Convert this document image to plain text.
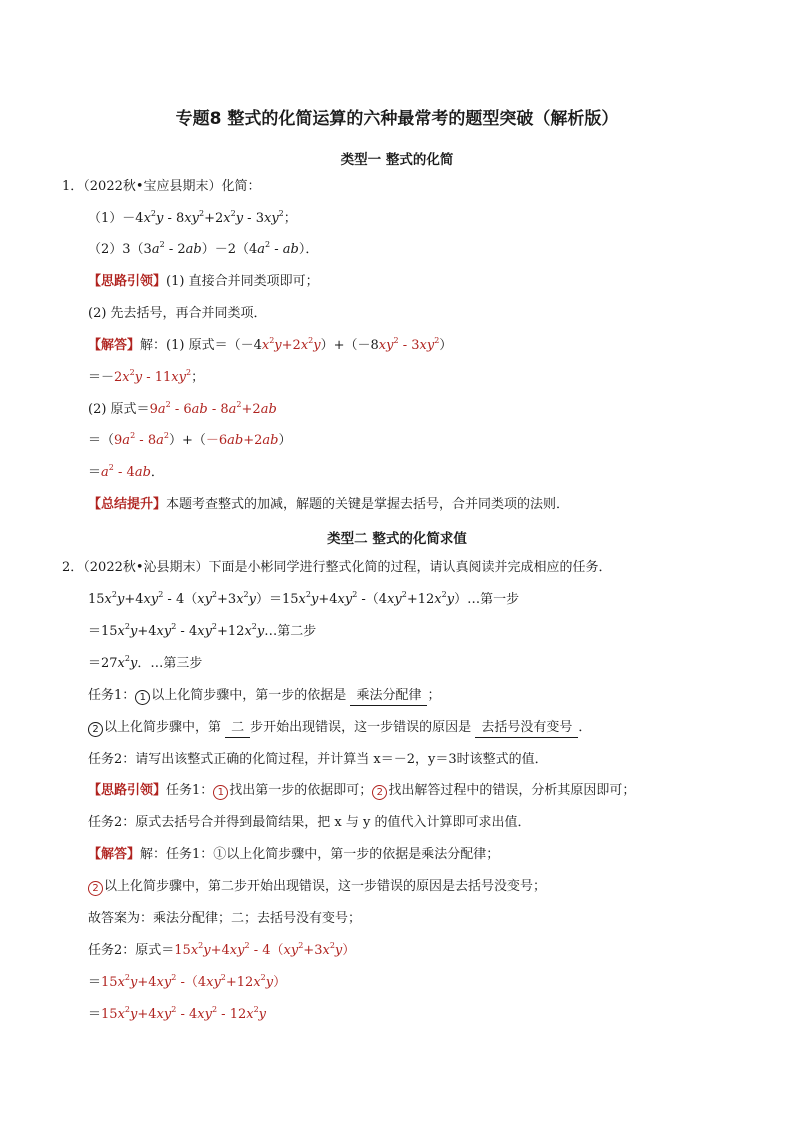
专题8 整式的化简运算的六种最常考的题型突破（解析版）
类型一 整式的化简
1．（2022秋•宝应县期末）化简：
$(1)-4x^2y - 8xy^2+2x^2y - 3xy^2$；
$(2)3(3a^2 - 2ab)-2(4a^2 - ab)$．
【思路引领】(1) 直接合并同类项即可；
(2) 先去括号，再合并同类项．
【解答】解：(1) 原式$=(-4x^2y+2x^2y)+(-8xy^2 - 3xy^2)$
$=-2x^2y - 11xy^2$；
(2) 原式$=9a^2 - 6ab - 8a^2+2ab$
$=(9a^2 - 8a^2)+(-6ab+2ab)$
$=a^2 - 4ab$．
【总结提升】本题考查整式的加减，解题的关键是掌握去括号，合并同类项的法则．
类型二 整式的化简求值
2．（2022秋•沁县期末）下面是小彬同学进行整式化简的过程，请认真阅读并完成相应的任务．
$15x^2y+4xy^2 - 4(xy^2+3x^2y)=15x^2y+4xy^2$ $-(4xy^2+12x^2y)\dots$第一步
$=15x^2y+4xy^2$ - $4xy^2+12x^2y\dots$第二步
$=27x^2y$．…第三步
任务1： 1 以上化简步骤中，第一步的依据是 乘法分配律 ；
2 以上化简步骤中，第 二 步开始出现错误，这一步错误的原因是 去括号没有变号 ．
任务2：请写出该整式正确的化简过程，并计算当 x＝－2，y＝3时该整式的值．
【思路引领】任务1： 1 找出第一步的依据即可； 2 找出解答过程中的错误，分析其原因即可；
任务2：原式去括号合并得到最简结果，把 x 与 y 的值代入计算即可求出值．
【解答】解：任务1：①以上化简步骤中，第一步的依据是乘法分配律；
2 以上化简步骤中，第二步开始出现错误，这一步错误的原因是去括号没变号；
故答案为：乘法分配律；二；去括号没有变号；
任务2：原式$=15x^2y+4xy^2 - 4(xy^2+3x^2y)$
$=15x^2y+4xy^2$ $-(4xy^2+12x^2y)$
$=15x^2y+4xy^2 - 4xy^2 - 12x^2y$
